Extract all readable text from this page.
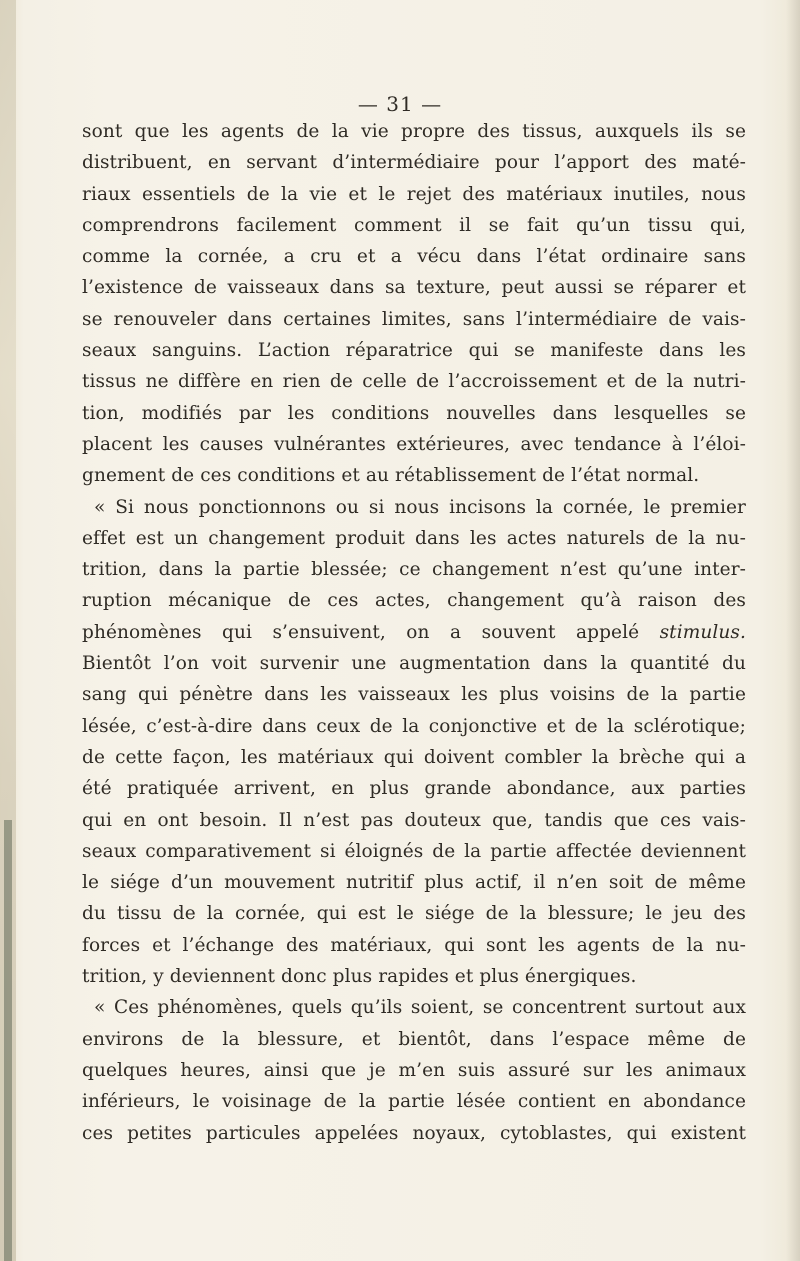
— 31 —

sont que les agents de la vie propre des tissus, auxquels ils se
distribuent, en servant d’intermédiaire pour l’apport des maté-
riaux essentiels de la vie et le rejet des matériaux inutiles, nous
comprendrons facilement comment il se fait qu’un tissu qui,
comme la cornée, a cru et a vécu dans l’état ordinaire sans
l’existence de vaisseaux dans sa texture, peut aussi se réparer et
se renouveler dans certaines limites, sans l’intermédiaire de vais-
seaux sanguins. L’action réparatrice qui se manifeste dans les
tissus ne diffère en rien de celle de l’accroissement et de la nutri-
tion, modifiés par les conditions nouvelles dans lesquelles se
placent les causes vulnérantes extérieures, avec tendance à l’éloi-
gnement de ces conditions et au rétablissement de l’état normal.

« Si nous ponctionnons ou si nous incisons la cornée, le premier
effet est un changement produit dans les actes naturels de la nu-
trition, dans la partie blessée; ce changement n’est qu’une inter-
ruption mécanique de ces actes, changement qu’à raison des
phénomènes qui s’ensuivent, on a souvent appelé stimulus.
Bientôt l’on voit survenir une augmentation dans la quantité du
sang qui pénètre dans les vaisseaux les plus voisins de la partie
lésée, c’est-à-dire dans ceux de la conjonctive et de la sclérotique;
de cette façon, les matériaux qui doivent combler la brèche qui a
été pratiquée arrivent, en plus grande abondance, aux parties
qui en ont besoin. Il n’est pas douteux que, tandis que ces vais-
seaux comparativement si éloignés de la partie affectée deviennent
le siége d’un mouvement nutritif plus actif, il n’en soit de même
du tissu de la cornée, qui est le siége de la blessure; le jeu des
forces et l’échange des matériaux, qui sont les agents de la nu-
trition, y deviennent donc plus rapides et plus énergiques.

« Ces phénomènes, quels qu’ils soient, se concentrent surtout aux
environs de la blessure, et bientôt, dans l’espace même de
quelques heures, ainsi que je m’en suis assuré sur les animaux
inférieurs, le voisinage de la partie lésée contient en abondance
ces petites particules appelées noyaux, cytoblastes, qui existent
